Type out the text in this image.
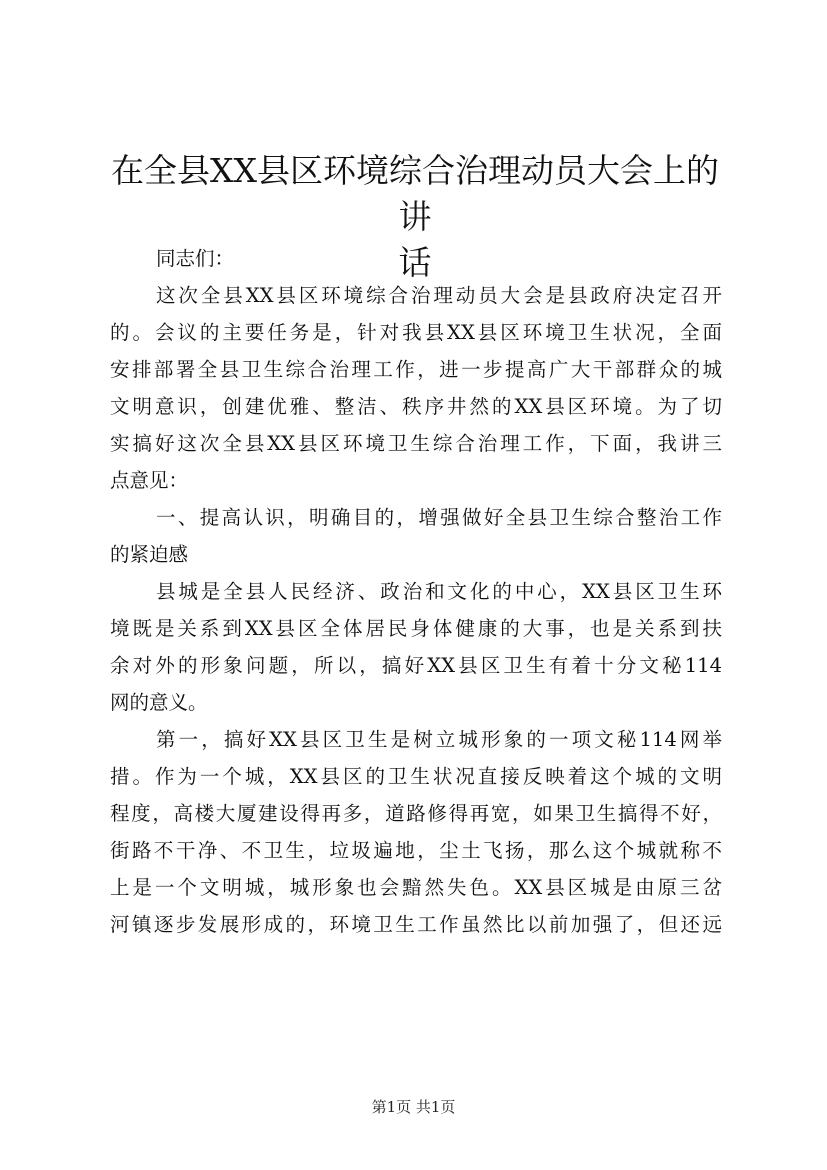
在全县XX县区环境综合治理动员大会上的讲
话
同志们：
这次全县XX县区环境综合治理动员大会是县政府决定召开
的。会议的主要任务是，针对我县XX县区环境卫生状况，全面
安排部署全县卫生综合治理工作，进一步提高广大干部群众的城
文明意识，创建优雅、整洁、秩序井然的XX县区环境。为了切
实搞好这次全县XX县区环境卫生综合治理工作，下面，我讲三
点意见：
一、提高认识，明确目的，增强做好全县卫生综合整治工作
的紧迫感
县城是全县人民经济、政治和文化的中心，XX县区卫生环
境既是关系到XX县区全体居民身体健康的大事，也是关系到扶
余对外的形象问题，所以，搞好XX县区卫生有着十分文秘114
网的意义。
第一，搞好XX县区卫生是树立城形象的一项文秘114网举
措。作为一个城，XX县区的卫生状况直接反映着这个城的文明
程度，高楼大厦建设得再多，道路修得再宽，如果卫生搞得不好，
街路不干净、不卫生，垃圾遍地，尘土飞扬，那么这个城就称不
上是一个文明城，城形象也会黯然失色。XX县区城是由原三岔
河镇逐步发展形成的，环境卫生工作虽然比以前加强了，但还远
第1页 共1页
